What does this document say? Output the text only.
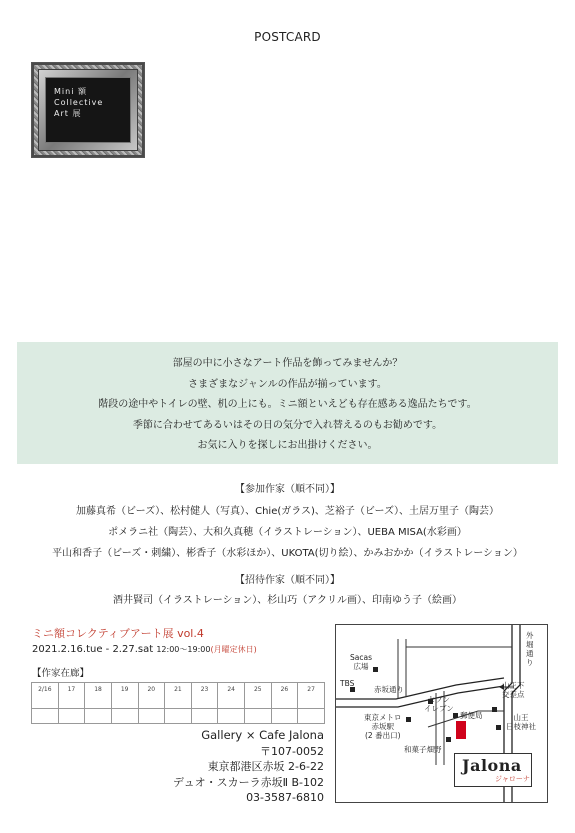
POSTCARD
Mini 額
Collective
Art 展
部屋の中に小さなアート作品を飾ってみませんか？
さまざまなジャンルの作品が揃っています。
階段の途中やトイレの壁、机の上にも。ミニ額といえども存在感ある逸品たちです。
季節に合わせてあるいはその日の気分で入れ替えるのもお勧めです。
お気に入りを探しにお出掛けください。
【参加作家（順不同）】
加藤真希（ビーズ）、松村健人（写真）、Chie(ガラス)、芝裕子（ビーズ）、土居万里子（陶芸）
ポメラニ社（陶芸）、大和久真穂（イラストレーション）、UEBA MISA(水彩画）
平山和香子（ビーズ・刺繍）、彬香子（水彩ほか）、UKOTA(切り絵）、かみおかか（イラストレーション）
【招待作家（順不同）】
酒井賢司（イラストレーション）、杉山巧（アクリル画）、印南ゆう子（絵画）
ミニ額コレクティブアート展 vol.4
2021.2.16.tue - 2.27.sat 12:00～19:00(月曜定休日)
【作家在廊】
2/16	17	18	19	20	21	23	24	25	26	27

Gallery × Cafe Jalona
〒107-0052
東京都港区赤坂 2-6-22
デュオ・スカーラ赤坂Ⅱ B-102
03-3587-6810
Sacas
広場
TBS
赤坂通り
外
堀
通
り
山王下
交差点
セブン
イレブン
東京メトロ
赤坂駅
(2 番出口)
郵便局	山王
日枝神社
和菓子畑野
Jalona
ジャローナ
